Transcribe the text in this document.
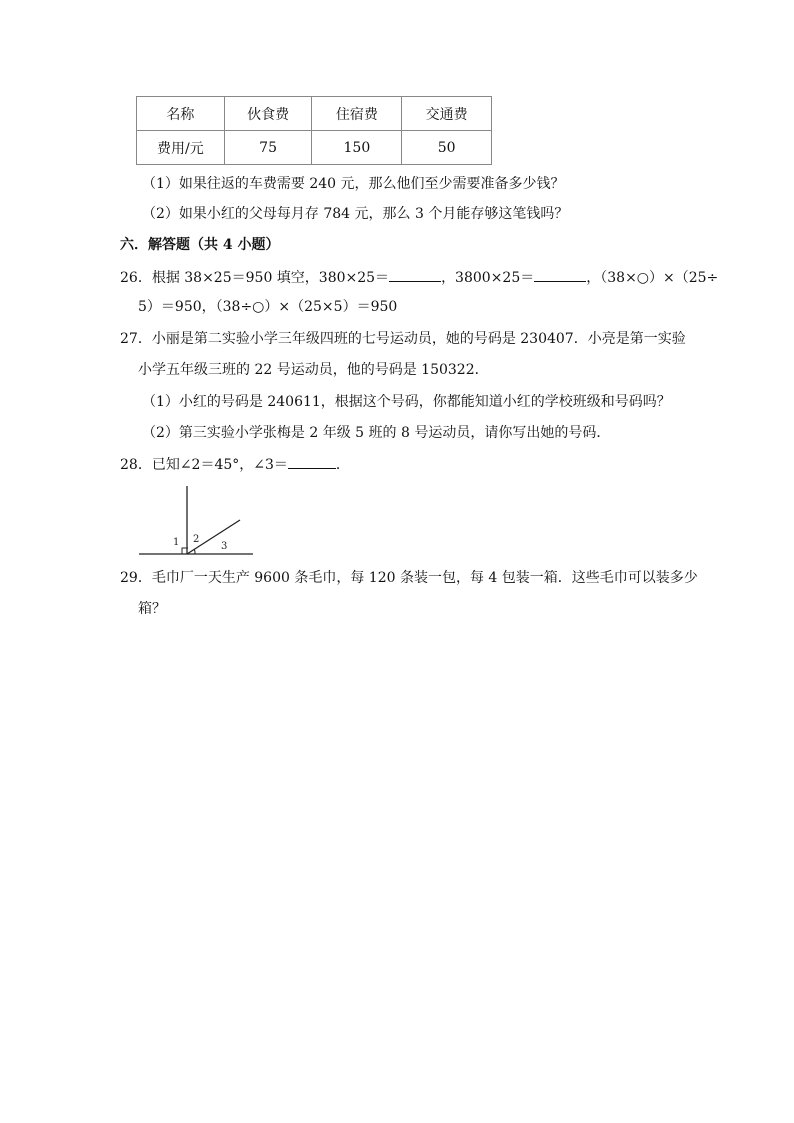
名称	伙食费	住宿费	交通费
费用/元	75	150	50
（1）如果往返的车费需要 240 元，那么他们至少需要准备多少钱？
（2）如果小红的父母每月存 784 元，那么 3 个月能存够这笔钱吗？
六．解答题（共 4 小题）
26．根据 38×25＝950 填空，380×25＝	，3800×25＝	，（38×○）×（25÷
5）＝950，（38÷○）×（25×5）＝950
27．小丽是第二实验小学三年级四班的七号运动员，她的号码是 230407．小亮是第一实验
小学五年级三班的 22 号运动员，他的号码是 150322．
（1）小红的号码是 240611，根据这个号码，你都能知道小红的学校班级和号码吗？
（2）第三实验小学张梅是 2 年级 5 班的 8 号运动员，请你写出她的号码．
28．已知∠2＝45°，∠3＝	．
1 2
3
29．毛巾厂一天生产 9600 条毛巾，每 120 条装一包，每 4 包装一箱．这些毛巾可以装多少
箱？
